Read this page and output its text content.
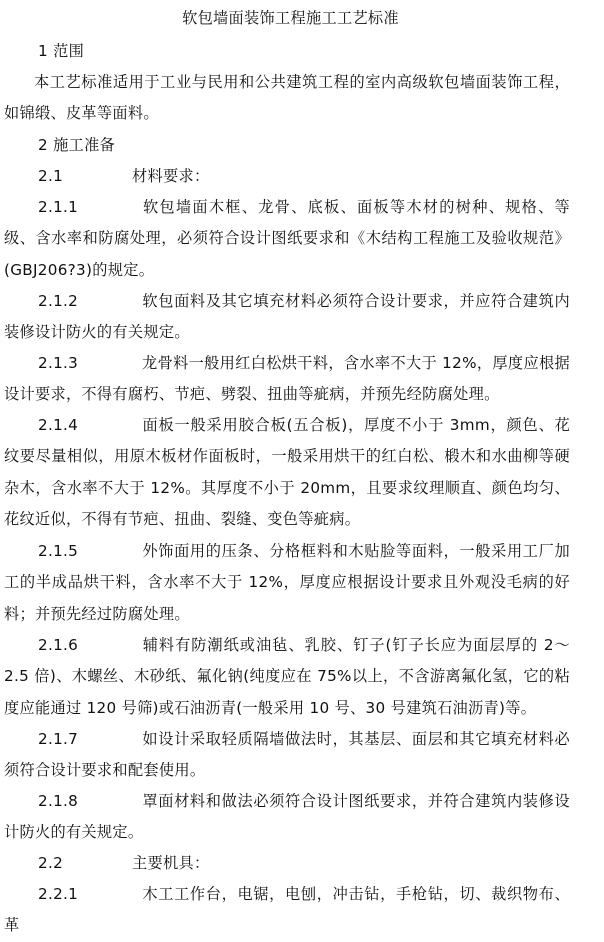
软包墙面装饰工程施工工艺标准
1 范围
本工艺标准适用于工业与民用和公共建筑工程的室内高级软包墙面装饰工程，如锦缎、皮革等面料。
2 施工准备
2.1	材料要求：
2.1.1	软包墙面木框、龙骨、底板、面板等木材的树种、规格、等级、含水率和防腐处理，必须符合设计图纸要求和《木结构工程施工及验收规范》(GBJ206?3)的规定。
2.1.2	软包面料及其它填充材料必须符合设计要求，并应符合建筑内装修设计防火的有关规定。
2.1.3	龙骨料一般用红白松烘干料，含水率不大于 12%，厚度应根据设计要求，不得有腐朽、节疤、劈裂、扭曲等疵病，并预先经防腐处理。
2.1.4	面板一般采用胶合板(五合板)，厚度不小于 3mm，颜色、花纹要尽量相似，用原木板材作面板时，一般采用烘干的红白松、椴木和水曲柳等硬杂木，含水率不大于 12%。其厚度不小于 20mm，且要求纹理顺直、颜色均匀、花纹近似，不得有节疤、扭曲、裂缝、变色等疵病。
2.1.5	外饰面用的压条、分格框料和木贴脸等面料，一般采用工厂加工的半成品烘干料，含水率不大于 12%，厚度应根据设计要求且外观没毛病的好料；并预先经过防腐处理。
2.1.6	辅料有防潮纸或油毡、乳胶、钉子(钉子长应为面层厚的 2～2.5 倍)、木螺丝、木砂纸、氟化钠(纯度应在 75%以上，不含游离氟化氢，它的粘度应能通过 120 号筛)或石油沥青(一般采用 10 号、30 号建筑石油沥青)等。
2.1.7	如设计采取轻质隔墙做法时，其基层、面层和其它填充材料必须符合设计要求和配套使用。
2.1.8	罩面材料和做法必须符合设计图纸要求，并符合建筑内装修设计防火的有关规定。
2.2	主要机具：
2.2.1	木工工作台，电锯，电刨，冲击钻，手枪钻，切、裁织物布、革
